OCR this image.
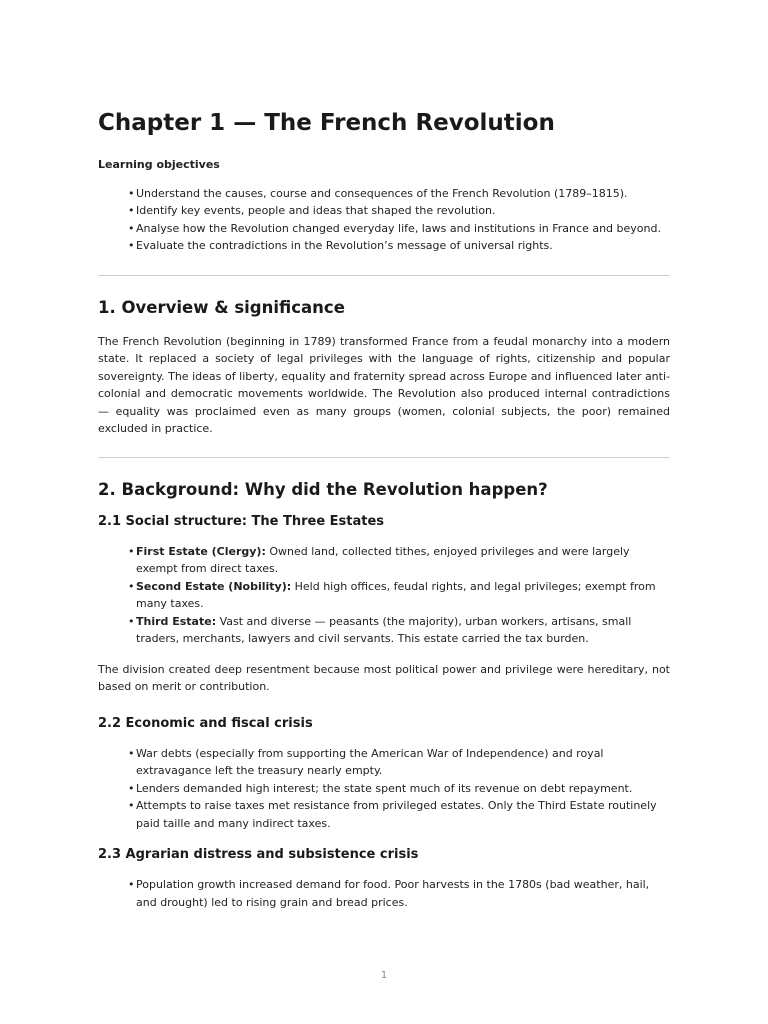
Chapter 1 — The French Revolution
Learning objectives
• Understand the causes, course and consequences of the French Revolution (1789–1815).
• Identify key events, people and ideas that shaped the revolution.
• Analyse how the Revolution changed everyday life, laws and institutions in France and beyond.
• Evaluate the contradictions in the Revolution’s message of universal rights.
1. Overview & significance

The French Revolution (beginning in 1789) transformed France from a feudal monarchy into a modern state. It replaced a society of legal privileges with the language of rights, citizenship and popular sovereignty. The ideas of liberty, equality and fraternity spread across Europe and influenced later anti-colonial and democratic movements worldwide. The Revolution also produced internal contradictions — equality was proclaimed even as many groups (women, colonial subjects, the poor) remained excluded in practice.

2. Background: Why did the Revolution happen?
2.1 Social structure: The Three Estates
• First Estate (Clergy): Owned land, collected tithes, enjoyed privileges and were largely exempt from direct taxes.
• Second Estate (Nobility): Held high offices, feudal rights, and legal privileges; exempt from many taxes.
• Third Estate: Vast and diverse — peasants (the majority), urban workers, artisans, small traders, merchants, lawyers and civil servants. This estate carried the tax burden.

The division created deep resentment because most political power and privilege were hereditary, not based on merit or contribution.

2.2 Economic and fiscal crisis
• War debts (especially from supporting the American War of Independence) and royal extravagance left the treasury nearly empty.
• Lenders demanded high interest; the state spent much of its revenue on debt repayment.
• Attempts to raise taxes met resistance from privileged estates. Only the Third Estate routinely paid taille and many indirect taxes.
2.3 Agrarian distress and subsistence crisis
• Population growth increased demand for food. Poor harvests in the 1780s (bad weather, hail, and drought) led to rising grain and bread prices.
1
